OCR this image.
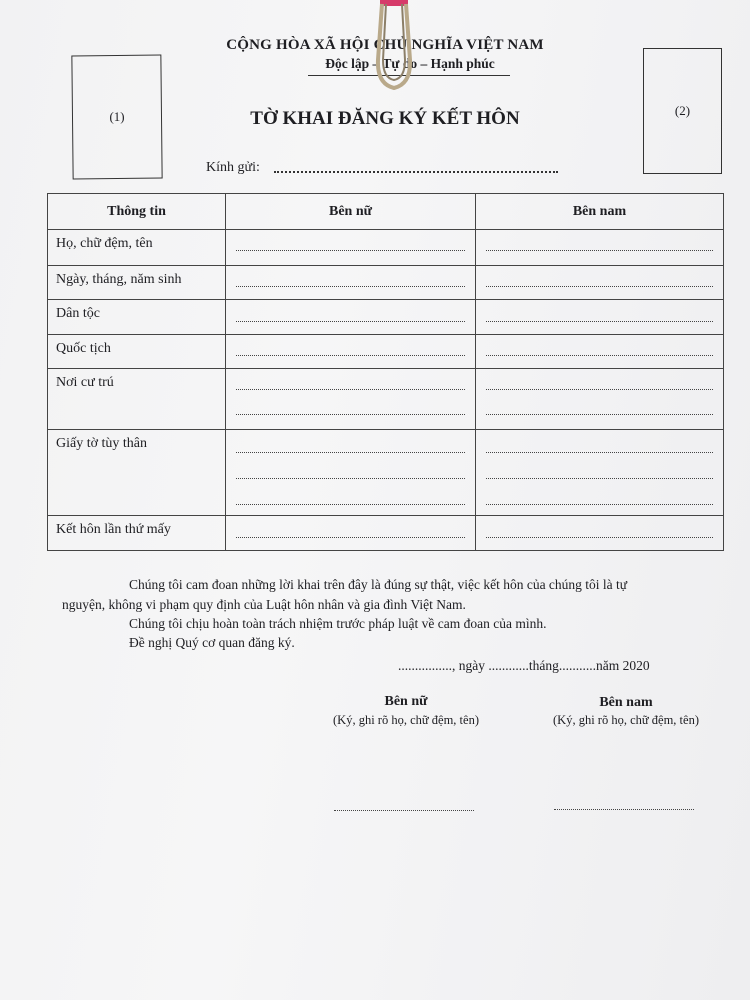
(1)	(2)
CỘNG HÒA XÃ HỘI CHỦ NGHĨA VIỆT NAM
Độc lập – Tự do – Hạnh phúc
TỜ KHAI ĐĂNG KÝ KẾT HÔN
Kính gửi:
Thông tin	Bên nữ	Bên nam
Họ, chữ đệm, tên	

Ngày, tháng, năm sinh	

Dân tộc	

Quốc tịch	

Nơi cư trú	

Giấy tờ tùy thân	

Kết hôn lần thứ mấy	

Chúng tôi cam đoan những lời khai trên đây là đúng sự thật, việc kết hôn của chúng tôi là tự
nguyện, không vi phạm quy định của Luật hôn nhân và gia đình Việt Nam.
Chúng tôi chịu hoàn toàn trách nhiệm trước pháp luật về cam đoan của mình.
Đề nghị Quý cơ quan đăng ký.
................, ngày ............tháng...........năm 2020
Bên nữ
(Ký, ghi rõ họ, chữ đệm, tên)
Bên nam
(Ký, ghi rõ họ, chữ đệm, tên)
